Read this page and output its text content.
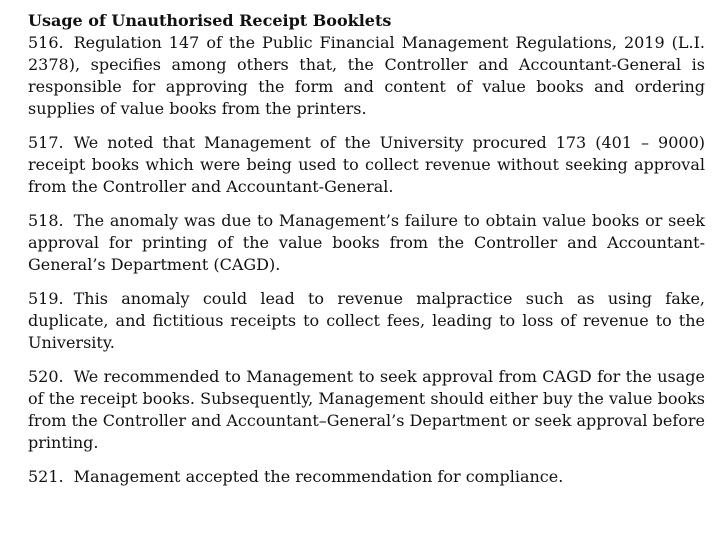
Usage of Unauthorised Receipt Booklets

516. Regulation 147 of the Public Financial Management Regulations, 2019 (L.I. 2378), specifies among others that, the Controller and Accountant-General is responsible for approving the form and content of value books and ordering supplies of value books from the printers.

517. We noted that Management of the University procured 173 (401 – 9000) receipt books which were being used to collect revenue without seeking approval from the Controller and Accountant-General.

518. The anomaly was due to Management’s failure to obtain value books or seek approval for printing of the value books from the Controller and Accountant-General’s Department (CAGD).

519. This anomaly could lead to revenue malpractice such as using fake, duplicate, and fictitious receipts to collect fees, leading to loss of revenue to the University.

520. We recommended to Management to seek approval from CAGD for the usage of the receipt books. Subsequently, Management should either buy the value books from the Controller and Accountant–General’s Department or seek approval before printing.

521. Management accepted the recommendation for compliance.
